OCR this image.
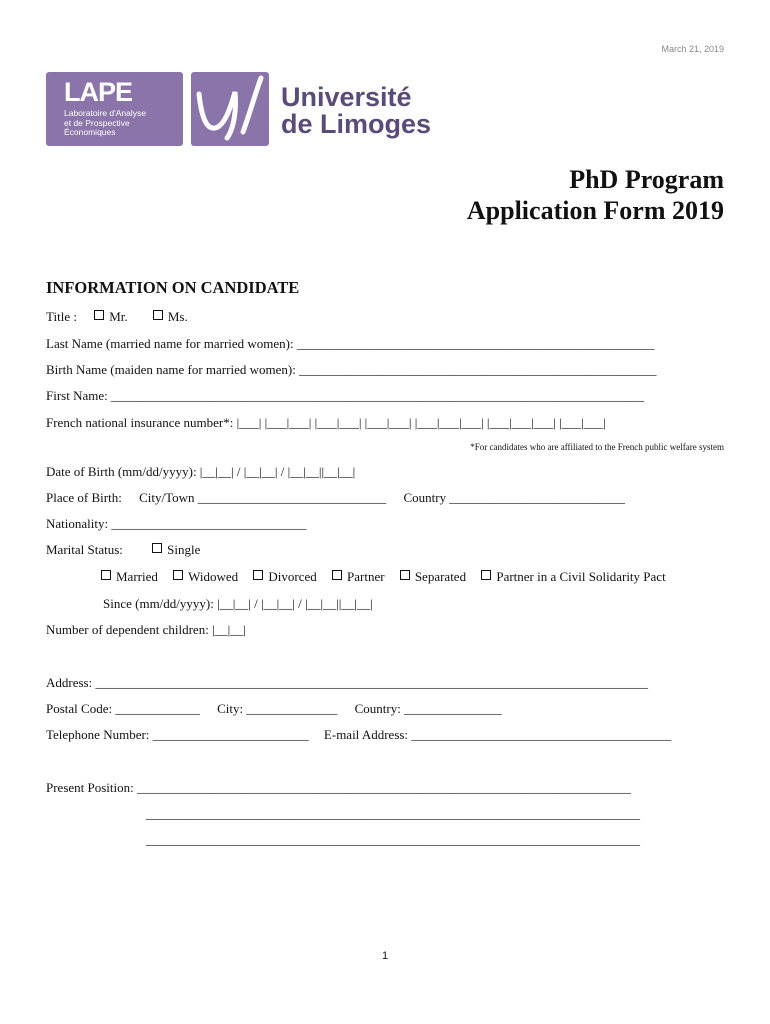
March 21, 2019
LAPE
Laboratoire d'Analyse
et de Prospective
Économiques
Université
de Limoges
PhD Program
Application Form 2019
INFORMATION ON CANDIDATE
Title : Mr.	Ms.
Last Name (married name for married women): _______________________________________________________
Birth Name (maiden name for married women): _______________________________________________________
First Name: __________________________________________________________________________________
French national insurance number*: |___| |___|___| |___|___| |___|___| |___|___|___| |___|___|___| |___|___|
*For candidates who are affiliated to the French public welfare system
Date of Birth (mm/dd/yyyy): |__|__| / |__|__| / |__|__||__|__|
Place of Birth: City/Town _____________________________ Country ___________________________
Nationality: ______________________________
Marital Status:	Single
Married Widowed Divorced Partner Separated Partner in a Civil Solidarity Pact
Since (mm/dd/yyyy): |__|__| / |__|__| / |__|__||__|__|
Number of dependent children: |__|__|
Address: _____________________________________________________________________________________
Postal Code: _____________ City: ______________ Country: _______________
Telephone Number: ________________________ E-mail Address: ________________________________________
Present Position: ____________________________________________________________________________
____________________________________________________________________________
____________________________________________________________________________
1
